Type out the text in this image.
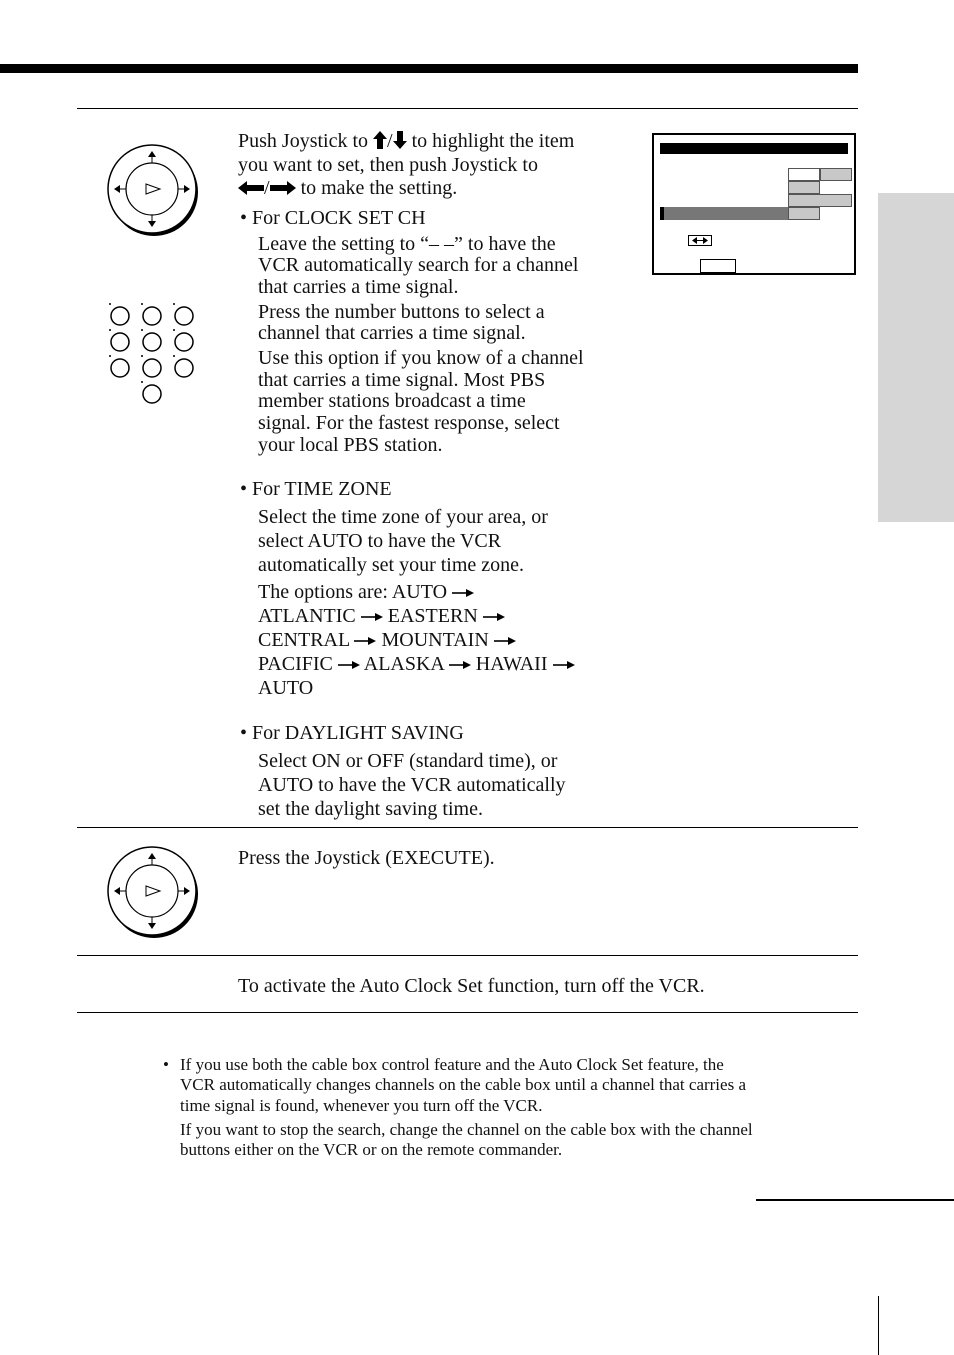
Push Joystick to / to highlight the item
you want to set, then push Joystick to
/ to make the setting.
• For CLOCK SET CH
Leave the setting to “– –” to have the
VCR automatically search for a channel
that carries a time signal.
Press the number buttons to select a
channel that carries a time signal.
Use this option if you know of a channel
that carries a time signal. Most PBS
member stations broadcast a time
signal. For the fastest response, select
your local PBS station.
• For TIME ZONE
Select the time zone of your area, or
select AUTO to have the VCR
automatically set your time zone.
The options are: AUTO
ATLANTIC EASTERN
CENTRAL MOUNTAIN
PACIFIC ALASKA HAWAII
AUTO
• For DAYLIGHT SAVING
Select ON or OFF (standard time), or
AUTO to have the VCR automatically
set the daylight saving time.
Press the Joystick (EXECUTE).
To activate the Auto Clock Set function, turn off the VCR.
• If you use both the cable box control feature and the Auto Clock Set feature, the
VCR automatically changes channels on the cable box until a channel that carries a
time signal is found, whenever you turn off the VCR.
If you want to stop the search, change the channel on the cable box with the channel
buttons either on the VCR or on the remote commander.
